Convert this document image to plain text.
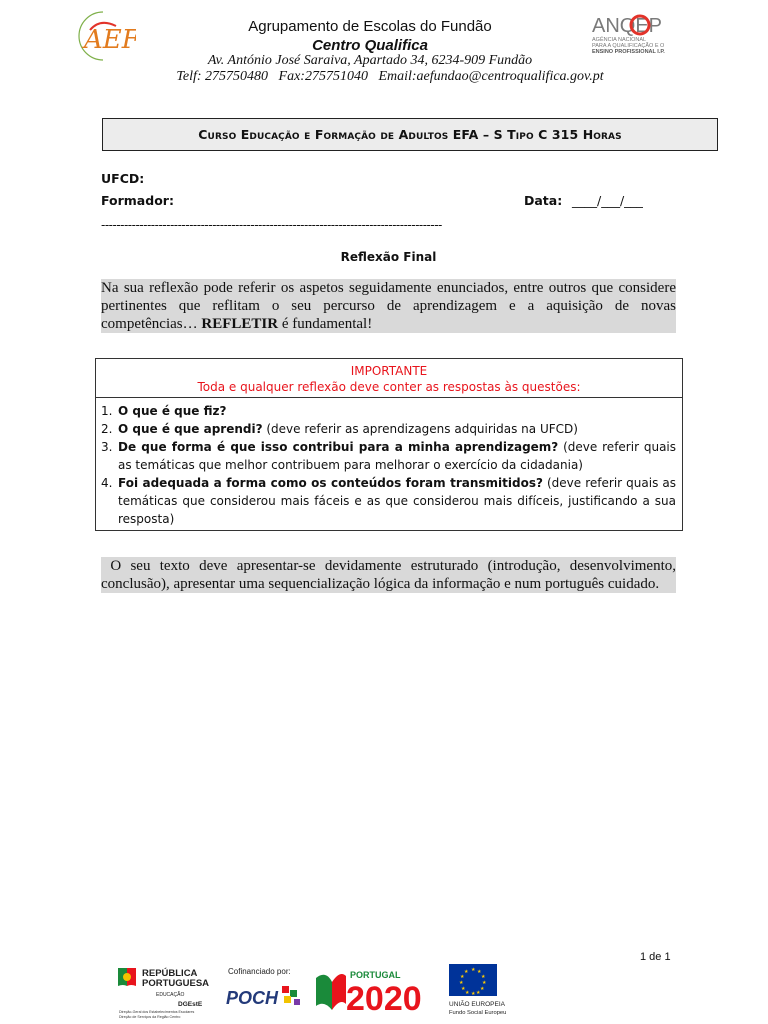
AEF	Agrupamento de Escolas do Fundão
Centro Qualifica
Av. António José Saraiva, Apartado 34, 6234-909 Fundão
Telf: 275750480   Fax:275751040   Email:aefundao@centroqualifica.gov.pt
ANQEP
AGÊNCIA NACIONAL
PARA A QUALIFICAÇÃO E O
ENSINO PROFISSIONAL I.P.
Curso Educação e Formação de Adultos EFA – S Tipo C 315 Horas
UFCD:
Formador:	Data: ____/___/___
-----------------------------------------------------------------------------------------
Reflexão Final
Na sua reflexão pode referir os aspetos seguidamente enunciados, entre outros que considere
pertinentes que reflitam o seu percurso de aprendizagem e a aquisição de novas
competências… REFLETIR é fundamental!
IMPORTANTE
Toda e qualquer reflexão deve conter as respostas às questões:
1. O que é que fiz?
2. O que é que aprendi? (deve referir as aprendizagens adquiridas na UFCD)
3. De que forma é que isso contribui para a minha aprendizagem? (deve referir quais as temáticas que melhor contribuem para melhorar o exercício da cidadania)
4. Foi adequada a forma como os conteúdos foram transmitidos? (deve referir quais as temáticas que considerou mais fáceis e as que considerou mais difíceis, justificando a sua resposta)
O seu texto deve apresentar-se devidamente estruturado (introdução, desenvolvimento,
conclusão), apresentar uma sequencialização lógica da informação e num português cuidado.
1 de 1
REPÚBLICA
PORTUGUESA
EDUCAÇÃO
DGEstE
Direção-Geral dos Estabelecimentos Escolares
Direção de Serviços da Região Centro
Cofinanciado por:
POCH
PORTUGAL
2020
★ ★
★
★
★
★
★
★
★
★
★
★
UNIÃO EUROPEIA
Fundo Social Europeu
